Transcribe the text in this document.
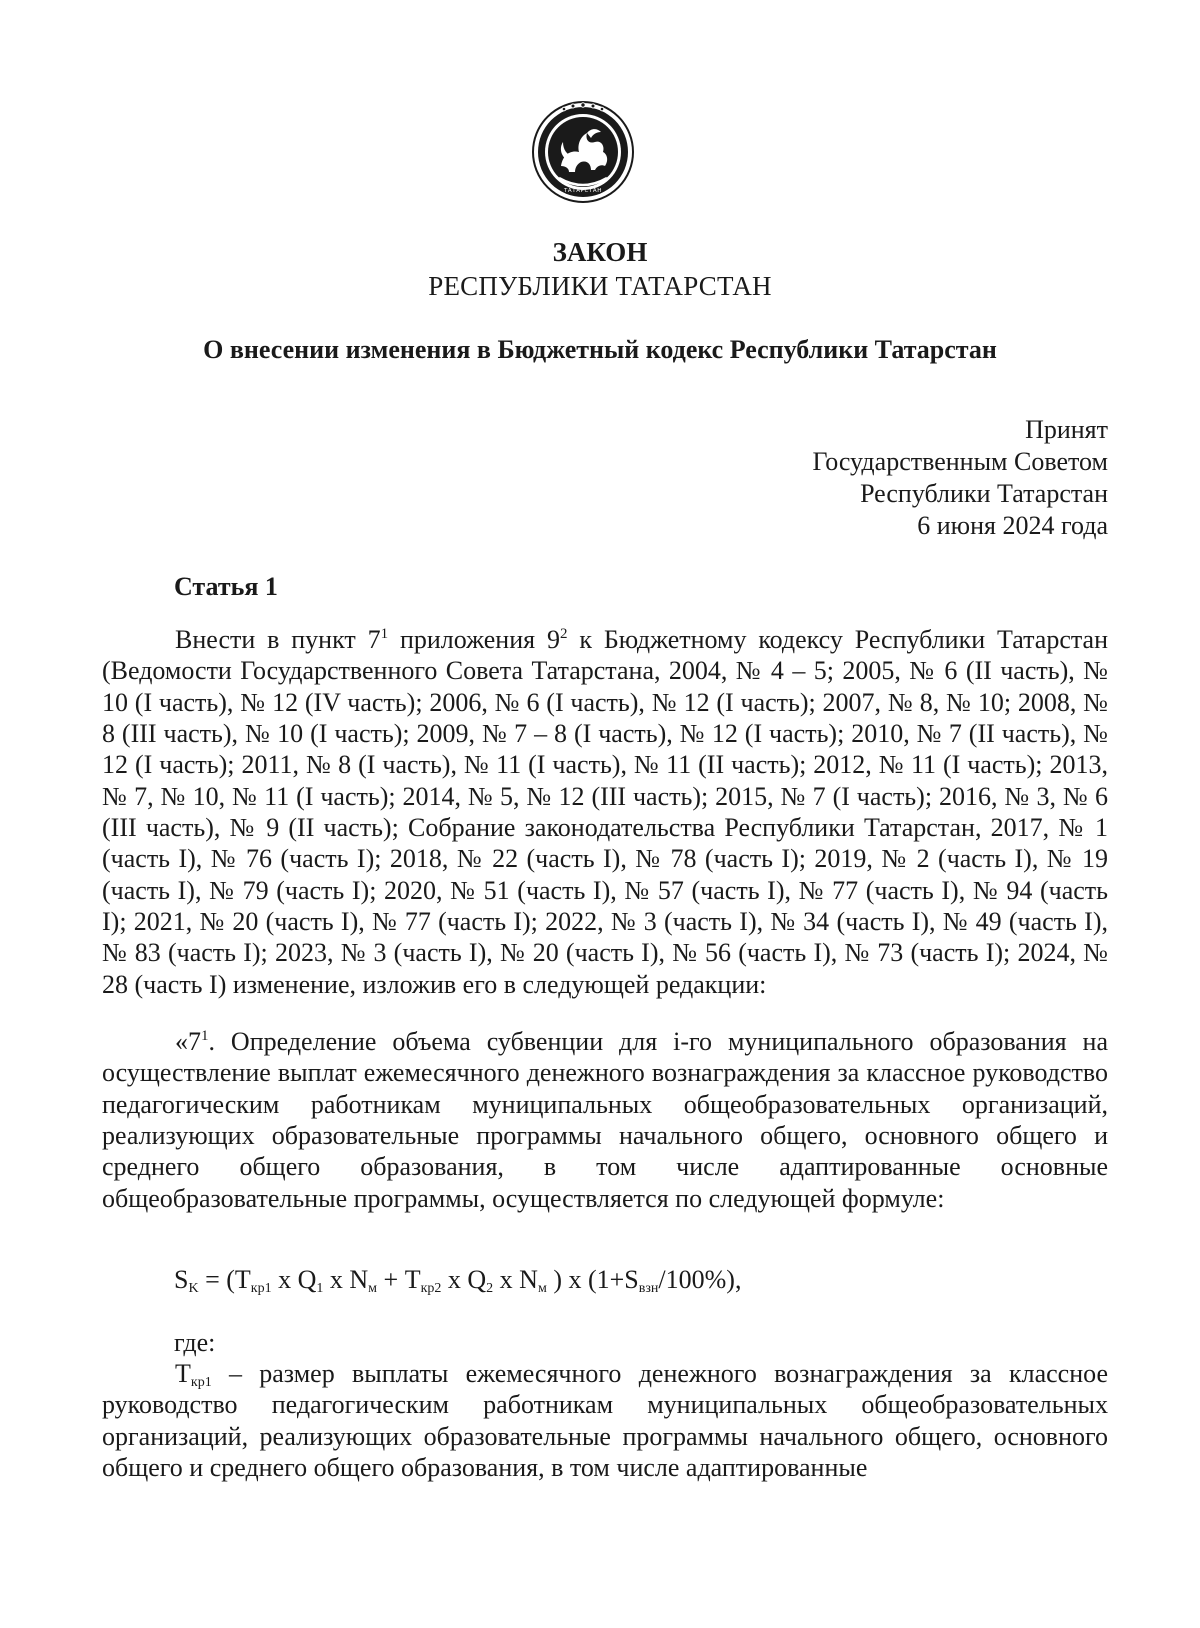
ТАТАРСТАН
ЗАКОН
РЕСПУБЛИКИ ТАТАРСТАН
О внесении изменения в Бюджетный кодекс Республики Татарстан
Принят
Государственным Советом
Республики Татарстан
6 июня 2024 года
Статья 1

Внести в пункт $7^1$ приложения $9^2$ к Бюджетному кодексу Республики Татарстан (Ведомости Государственного Совета Татарстана, 2004, № 4 – 5; 2005, № 6 (II часть), № 10 (I часть), № 12 (IV часть); 2006, № 6 (I часть), № 12 (I часть); 2007, № 8, № 10; 2008, № 8 (III часть), № 10 (I часть); 2009, № 7 – 8 (I часть), № 12 (I часть); 2010, № 7 (II часть), № 12 (I часть); 2011, № 8 (I часть), № 11 (I часть), № 11 (II часть); 2012, № 11 (I часть); 2013, № 7, № 10, № 11 (I часть); 2014, № 5, № 12 (III часть); 2015, № 7 (I часть); 2016, № 3, № 6 (III часть), № 9 (II часть); Собрание законодательства Республики Татарстан, 2017, № 1 (часть I), № 76 (часть I); 2018, № 22 (часть I), № 78 (часть I); 2019, № 2 (часть I), № 19 (часть I), № 79 (часть I); 2020, № 51 (часть I), № 57 (часть I), № 77 (часть I), № 94 (часть I); 2021, № 20 (часть I), № 77 (часть I); 2022, № 3 (часть I), № 34 (часть I), № 49 (часть I), № 83 (часть I); 2023, № 3 (часть I), № 20 (часть I), № 56 (часть I), № 73 (часть I); 2024, № 28 (часть I) изменение, изложив его в следующей редакции:

«$7^1$. Определение объема субвенции для i-го муниципального образования на осуществление выплат ежемесячного денежного вознаграждения за классное руководство педагогическим работникам муниципальных общеобразовательных организаций, реализующих образовательные программы начального общего, основного общего и среднего общего образования, в том числе адаптированные основные общеобразовательные программы, осуществляется по следующей формуле:

$S_K = (T_{кр1}$ x $Q_1$ x $N_м + T_{кр2}$ x $Q_2$ x $N_м$ ) x $(1+S_{взн}/100\%)$,
где:

$T_{кр1}$ – размер выплаты ежемесячного денежного вознаграждения за классное руководство педагогическим работникам муниципальных общеобразовательных организаций, реализующих образовательные программы начального общего, основного общего и среднего общего образования, в том числе адаптированные
